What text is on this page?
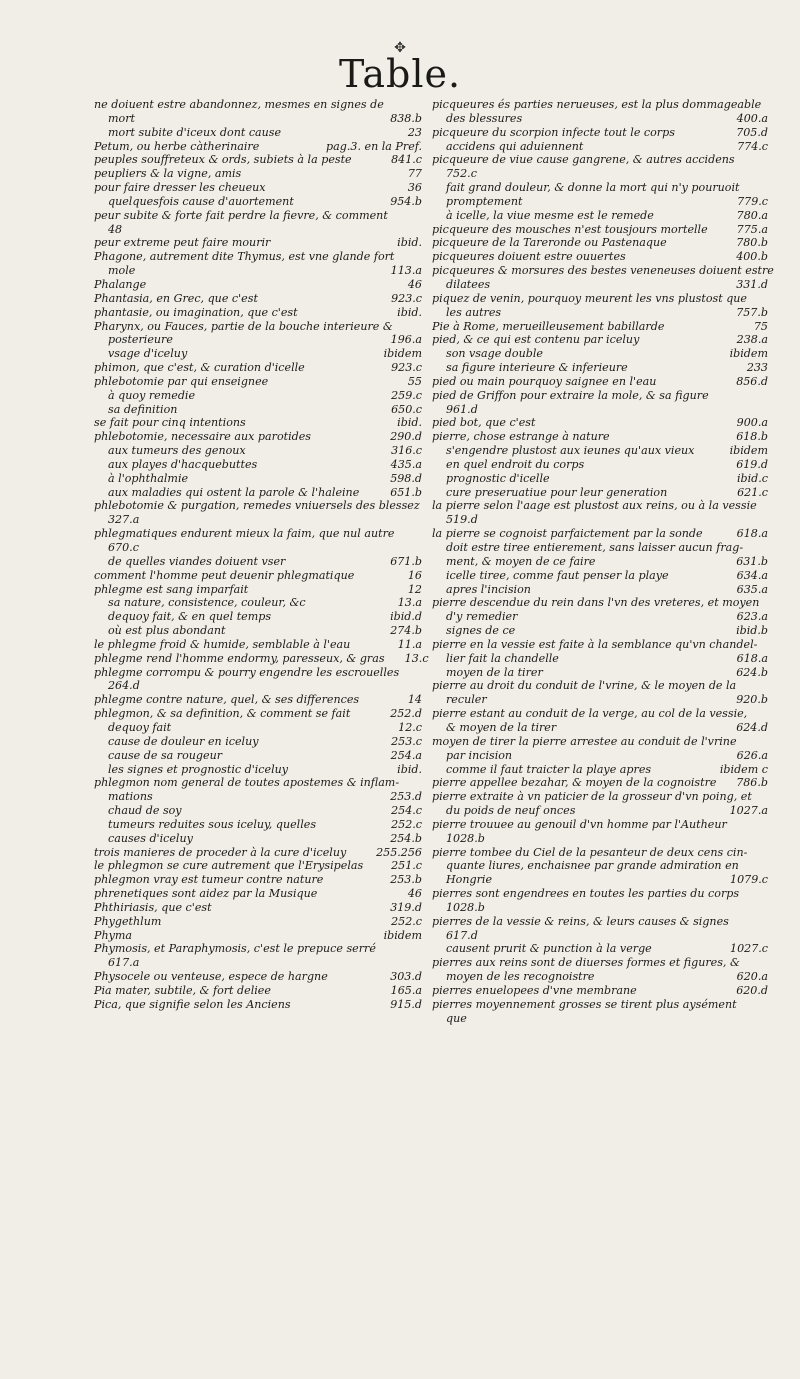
✥
Table.
ne doiuent estre abandonnez, mesmes en signes de
mort	838.b
mort subite d'iceux dont cause	23
Petum, ou herbe càtherinaire	pag.3. en la Pref.
peuples souffreteux & ords, subiets à la peste	841.c
peupliers & la vigne, amis	77
pour faire dresser les cheueux	36
quelquesfois cause d'auortement	954.b
peur subite & forte fait perdre la fievre, & comment
48
peur extreme peut faire mourir	ibid.
Phagone, autrement dite Thymus, est vne glande fort
mole	113.a
Phalange	46
Phantasia, en Grec, que c'est	923.c
phantasie, ou imagination, que c'est	ibid.
Pharynx, ou Fauces, partie de la bouche interieure &
posterieure	196.a
vsage d'iceluy	ibidem
phimon, que c'est, & curation d'icelle	923.c
phlebotomie par qui enseignee	55
à quoy remedie	259.c
sa definition	650.c
se fait pour cinq intentions	ibid.
phlebotomie, necessaire aux parotides	290.d
aux tumeurs des genoux	316.c
aux playes d'hacquebuttes	435.a
à l'ophthalmie	598.d
aux maladies qui ostent la parole & l'haleine	651.b
phlebotomie & purgation, remedes vniuersels des blessez
327.a
phlegmatiques endurent mieux la faim, que nul autre
670.c
de quelles viandes doiuent vser	671.b
comment l'homme peut deuenir phlegmatique	16
phlegme est sang imparfait	12
sa nature, consistence, couleur, &c	13.a
dequoy fait, & en quel temps	ibid.d
où est plus abondant	274.b
le phlegme froid & humide, semblable à l'eau	11.a
phlegme rend l'homme endormy, paresseux, & gras	13.c
phlegme corrompu & pourry engendre les escrouelles
264.d
phlegme contre nature, quel, & ses differences	14
phlegmon, & sa definition, & comment se fait	252.d
dequoy fait	12.c
cause de douleur en iceluy	253.c
cause de sa rougeur	254.a
les signes et prognostic d'iceluy	ibid.
phlegmon nom general de toutes apostemes & inflam-
mations	253.d
chaud de soy	254.c
tumeurs reduites sous iceluy, quelles	252.c
causes d'iceluy	254.b
trois manieres de proceder à la cure d'iceluy	255.256
le phlegmon se cure autrement que l'Erysipelas	251.c
phlegmon vray est tumeur contre nature	253.b
phrenetiques sont aidez par la Musique	46
Phthiriasis, que c'est	319.d
Phygethlum	252.c
Phyma	ibidem
Phymosis, et Paraphymosis, c'est le prepuce serré
617.a
Physocele ou venteuse, espece de hargne	303.d
Pia mater, subtile, & fort deliee	165.a
Pica, que signifie selon les Anciens	915.d
picqueures és parties nerueuses, est la plus dommageable
des blessures	400.a
picqueure du scorpion infecte tout le corps	705.d
accidens qui aduiennent	774.c
picqueure de viue cause gangrene, & autres accidens
752.c
fait grand douleur, & donne la mort qui n'y pouruoit
promptement	779.c
à icelle, la viue mesme est le remede	780.a
picqueure des mousches n'est tousjours mortelle	775.a
picqueure de la Tareronde ou Pastenaque	780.b
picqueures doiuent estre ouuertes	400.b
picqueures & morsures des bestes veneneuses doiuent estre
dilatees	331.d
piquez de venin, pourquoy meurent les vns plustost que
les autres	757.b
Pie à Rome, merueilleusement babillarde	75
pied, & ce qui est contenu par iceluy	238.a
son vsage double	ibidem
sa figure interieure & inferieure	233
pied ou main pourquoy saignee en l'eau	856.d
pied de Griffon pour extraire la mole, & sa figure
961.d
pied bot, que c'est	900.a
pierre, chose estrange à nature	618.b
s'engendre plustost aux ieunes qu'aux vieux	ibidem
en quel endroit du corps	619.d
prognostic d'icelle	ibid.c
cure preseruatiue pour leur generation	621.c
la pierre selon l'aage est plustost aux reins, ou à la vessie
519.d
la pierre se cognoist parfaictement par la sonde	618.a
doit estre tiree entierement, sans laisser aucun frag-
ment, & moyen de ce faire	631.b
icelle tiree, comme faut penser la playe	634.a
apres l'incision	635.a
pierre descendue du rein dans l'vn des vreteres, et moyen
d'y remedier	623.a
signes de ce	ibid.b
pierre en la vessie est faite à la semblance qu'vn chandel-
lier fait la chandelle	618.a
moyen de la tirer	624.b
pierre au droit du conduit de l'vrine, & le moyen de la
reculer	920.b
pierre estant au conduit de la verge, au col de la vessie,
& moyen de la tirer	624.d
moyen de tirer la pierre arrestee au conduit de l'vrine
par incision	626.a
comme il faut traicter la playe apres	ibidem c
pierre appellee bezahar, & moyen de la cognoistre	786.b
pierre extraite à vn paticier de la grosseur d'vn poing, et
du poids de neuf onces	1027.a
pierre trouuee au genouil d'vn homme par l'Autheur
1028.b
pierre tombee du Ciel de la pesanteur de deux cens cin-
quante liures, enchaisnee par grande admiration en
Hongrie	1079.c
pierres sont engendrees en toutes les parties du corps
1028.b
pierres de la vessie & reins, & leurs causes & signes
617.d
causent prurit & punction à la verge	1027.c
pierres aux reins sont de diuerses formes et figures, &
moyen de les recognoistre	620.a
pierres enuelopees d'vne membrane	620.d
pierres moyennement grosses se tirent plus aysément
que
